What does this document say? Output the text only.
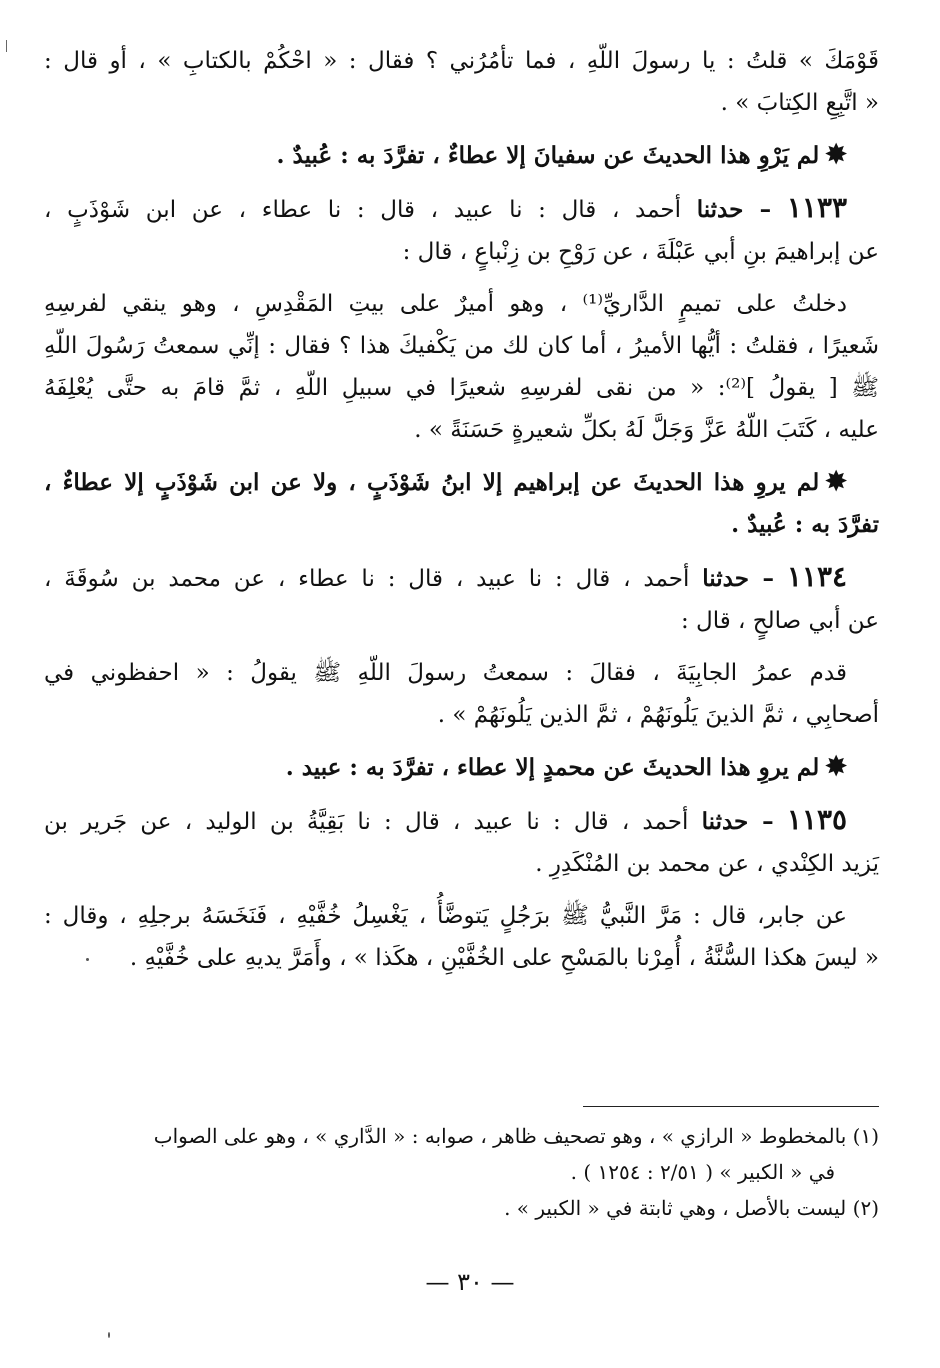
قَوْمَكَ » قلتُ : يا رسولَ اللّهِ ، فما تأمُرُني ؟ فقال : « احْكُمْ بالكتابِ » ، أو قال :
« اتَّبِعِ الكِتابَ » .
✸لم يَرْوِ هذا الحديثَ عن سفيانَ إلا عطاءٌ ، تفرَّدَ به : عُبيدٌ .
١١٣٣ – حدثنا أحمد ، قال : نا عبيد ، قال : نا عطاء ، عن ابن شَوْذَبٍ ،
عن إبراهيمَ بنِ أبي عَبْلَةَ ، عن رَوْحِ بن زِنْباعٍ ، قال :
دخلتُ على تميمٍ الدَّاريِّ⁽¹⁾ ، وهو أميرٌ على بيتِ المَقْدِسِ ، وهو ينقي لفرسِهِ
شَعيرًا ، فقلتُ : أيُّها الأميرُ ، أما كان لك من يَكْفيكَ هذا ؟ فقال : إنِّي سمعتُ رَسُولَ اللّهِ
ﷺ [ يقولُ ]⁽²⁾: « من نقى لفرسِهِ شعيرًا في سبيلِ اللّهِ ، ثمَّ قامَ به حتَّى يُعْلِفَهُ
عليه ، كَتَبَ اللّهُ عَزَّ وَجَلَّ لَهُ بكلِّ شعيرةٍ حَسَنَةً » .
✸لم يروِ هذا الحديثَ عن إبراهيم إلا ابنُ شَوْذَبٍ ، ولا عن ابن شَوْذَبٍ إلا عطاءٌ ،
تفرَّدَ به : عُبيدٌ .
١١٣٤ – حدثنا أحمد ، قال : نا عبيد ، قال : نا عطاء ، عن محمد بن سُوقَةَ ،
عن أبي صالحٍ ، قال :
قدم عمرُ الجابِيَةَ ، فقالَ : سمعتُ رسولَ اللّهِ ﷺ يقولُ : « احفظوني في
أصحابِي ، ثمَّ الذينَ يَلُونَهُمْ ، ثمَّ الذين يَلُونَهُمْ » .
✸لم يروِ هذا الحديثَ عن محمدٍ إلا عطاء ، تفرَّدَ به : عبيد .
١١٣٥ – حدثنا أحمد ، قال : نا عبيد ، قال : نا بَقِيَّةُ بن الوليد ، عن جَرير بن
يَزيد الكِنْدي ، عن محمد بن المُنْكَدِرِ .
عن جابر، قال : مَرَّ النَّبيُّ ﷺ برَجُلٍ يَتوضَّأُ ، يَغْسِلُ خُفَّيْهِ ، فَنَخَسَهُ برجلِهِ ، وقال :
« ليسَ هكذا السُّنَّةُ ، أُمِرْنا بالمَسْحِ على الخُفَّيْنِ ، هكَذا » ، وأَمَرَّ يديهِ على خُفَّيْهِ .
(١) بالمخطوط « الرازي » ، وهو تصحيف ظاهر ، صوابه : « الدَّاري » ، وهو على الصواب
في « الكبير » ( ٢/٥١ : ١٢٥٤ ) .
(٢) ليست بالأصل ، وهي ثابتة في « الكبير » .
— ٣٠ —
